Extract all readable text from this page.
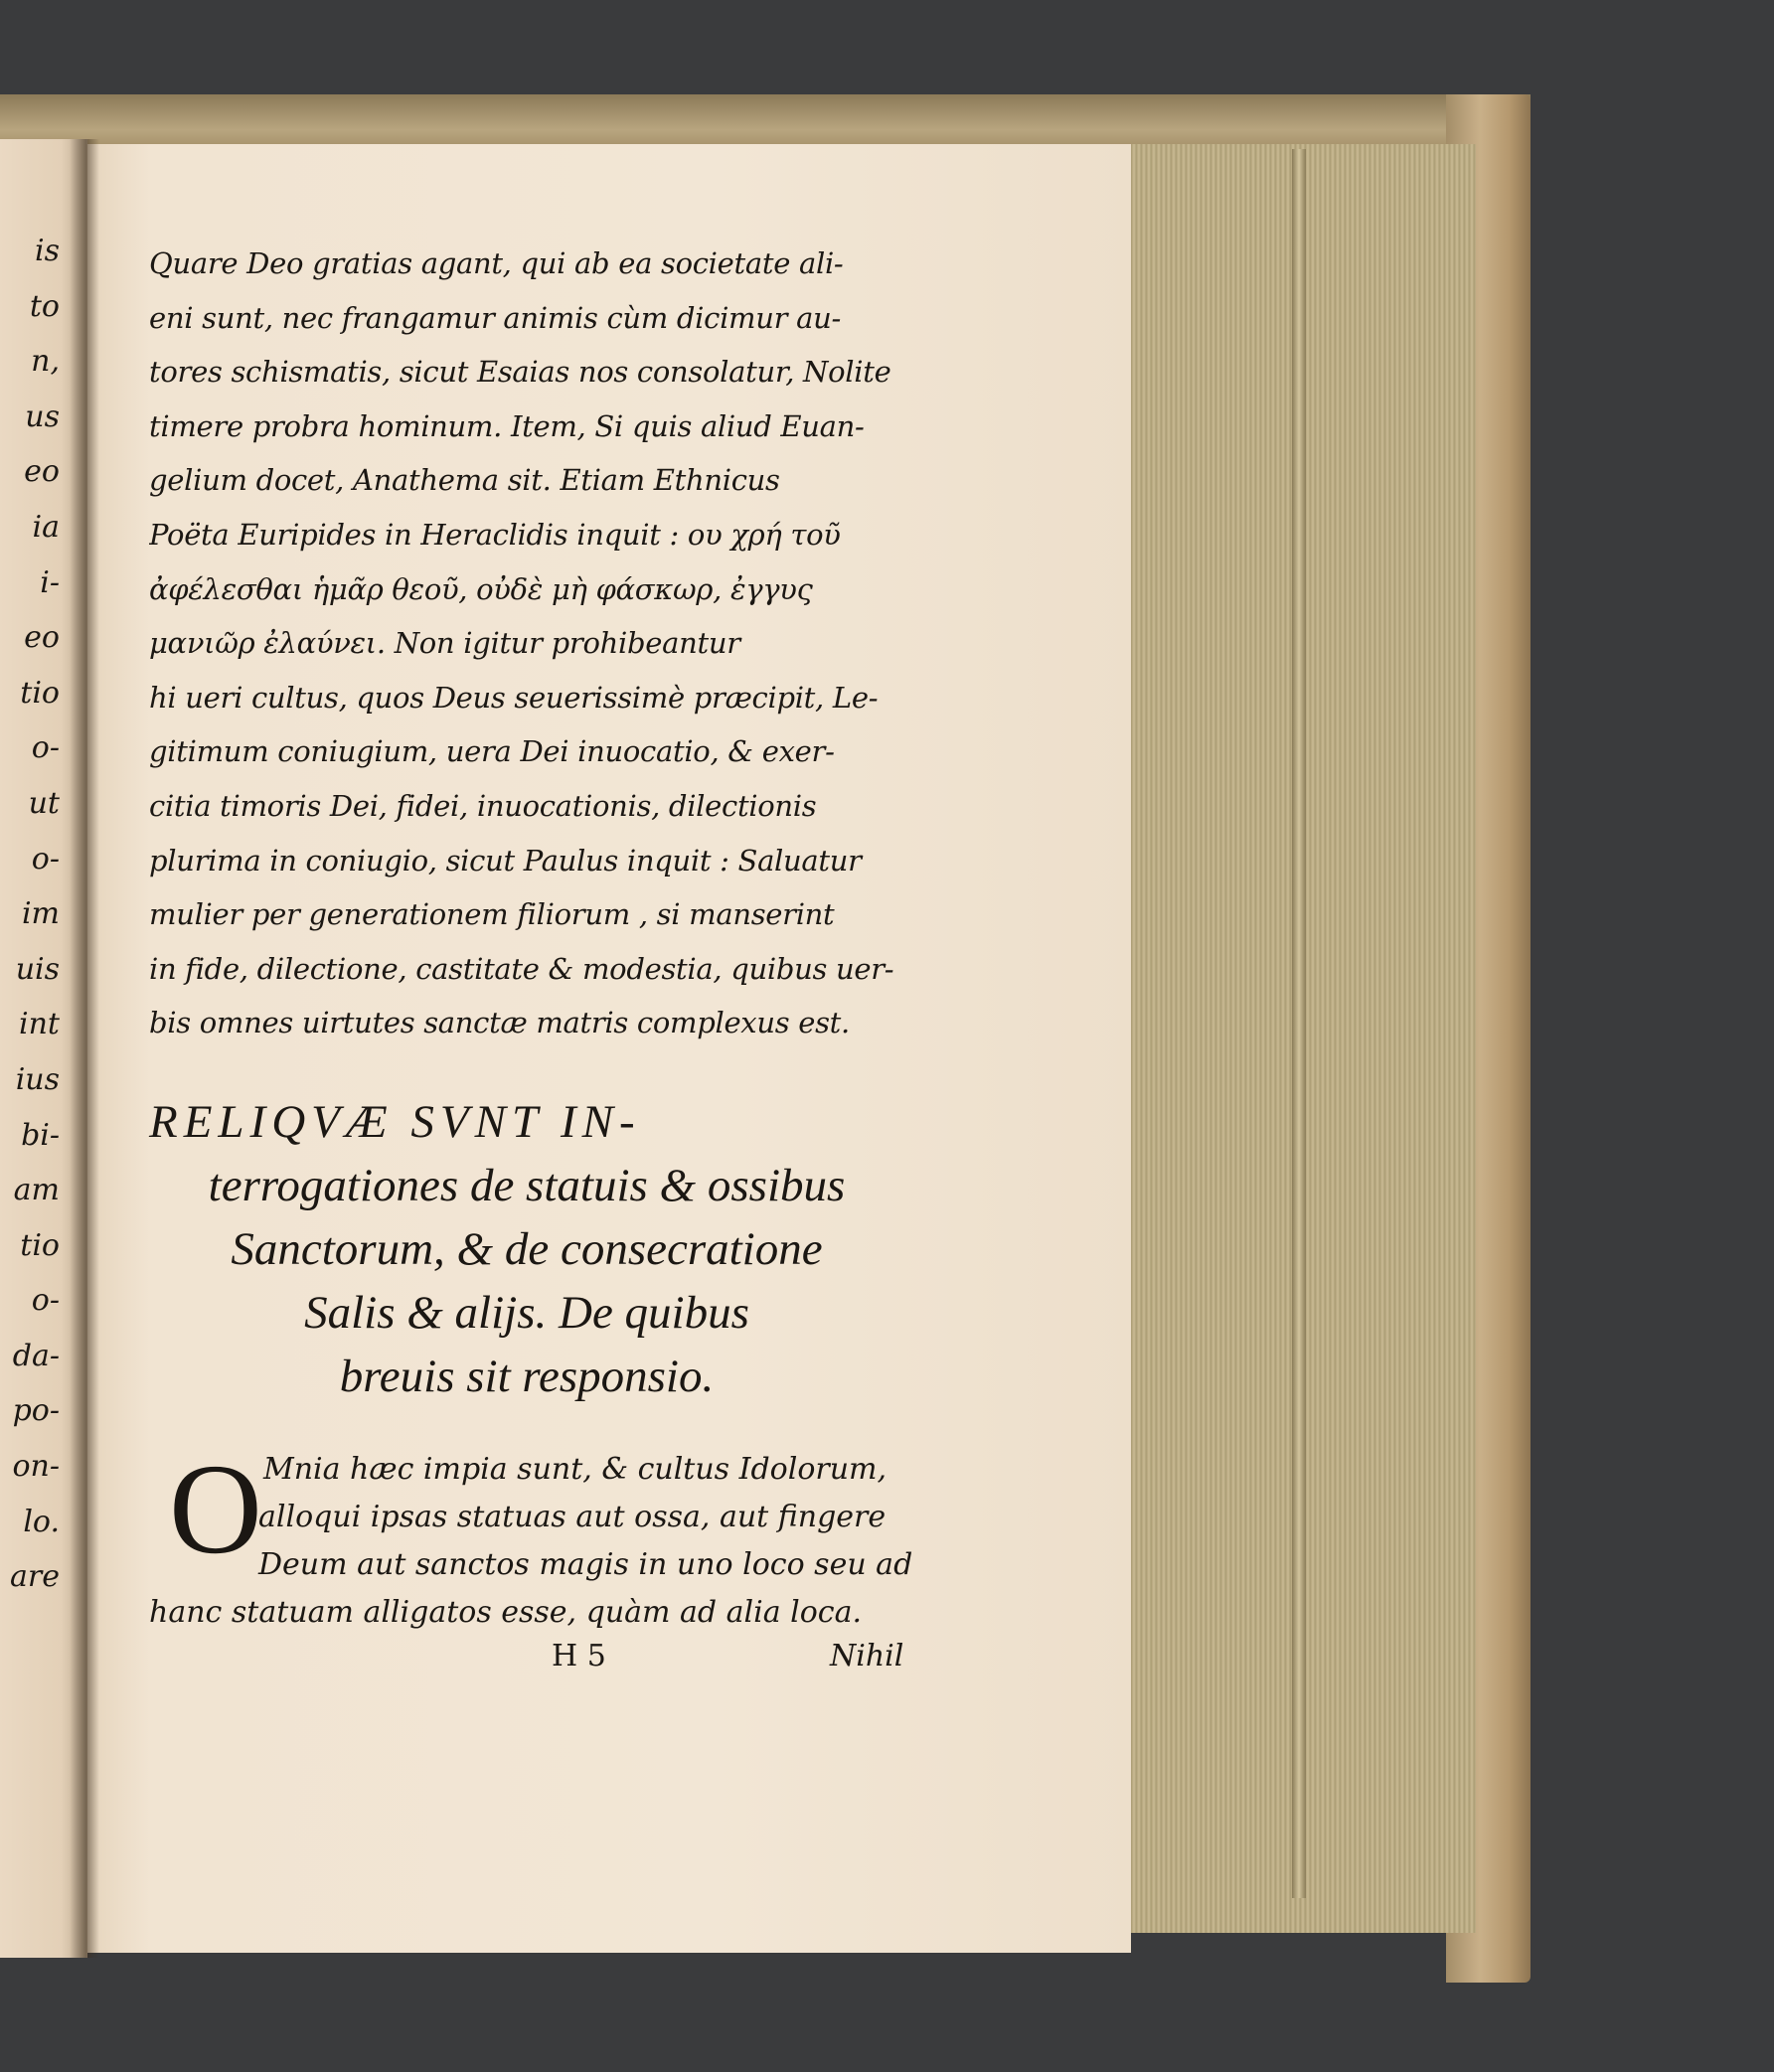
is
to
n,
us
eo
ia
i-
eo
tio
o-
ut
o-
im
uis
int
ius
bi-
am
tio
o-
da-
po-
on-
lo.
are
Quare Deo gratias agant, qui ab ea societate ali-
eni sunt, nec frangamur animis cùm dicimur au-
tores schismatis, sicut Esaias nos consolatur, Nolite
timere probra hominum. Item, Si quis aliud Euan-
gelium docet, Anathema sit. Etiam Ethnicus
Poëta Euripides in Heraclidis inquit : ου χρή τοῦ
ἀφέλεσθαι ἡμᾶρ θεοῦ, οὐδὲ μὴ φάσκωρ, ἐγγυς
μανιῶρ ἐλαύνει. Non igitur prohibeantur
hi ueri cultus, quos Deus seuerissimè præcipit, Le-
gitimum coniugium, uera Dei inuocatio, & exer-
citia timoris Dei, fidei, inuocationis, dilectionis
plurima in coniugio, sicut Paulus inquit : Saluatur
mulier per generationem filiorum , si manserint
in fide, dilectione, castitate & modestia, quibus uer-
bis omnes uirtutes sanctæ matris complexus est.
RELIQVÆ SVNT IN-
terrogationes de statuis & ossibus
Sanctorum, & de consecratione
Salis & alijs. De quibus
breuis sit responsio.
O Mnia hæc impia sunt, & cultus Idolorum,
alloqui ipsas statuas aut ossa, aut fingere
Deum aut sanctos magis in uno loco seu ad
hanc statuam alligatos esse, quàm ad alia loca.
H 5	Nihil
